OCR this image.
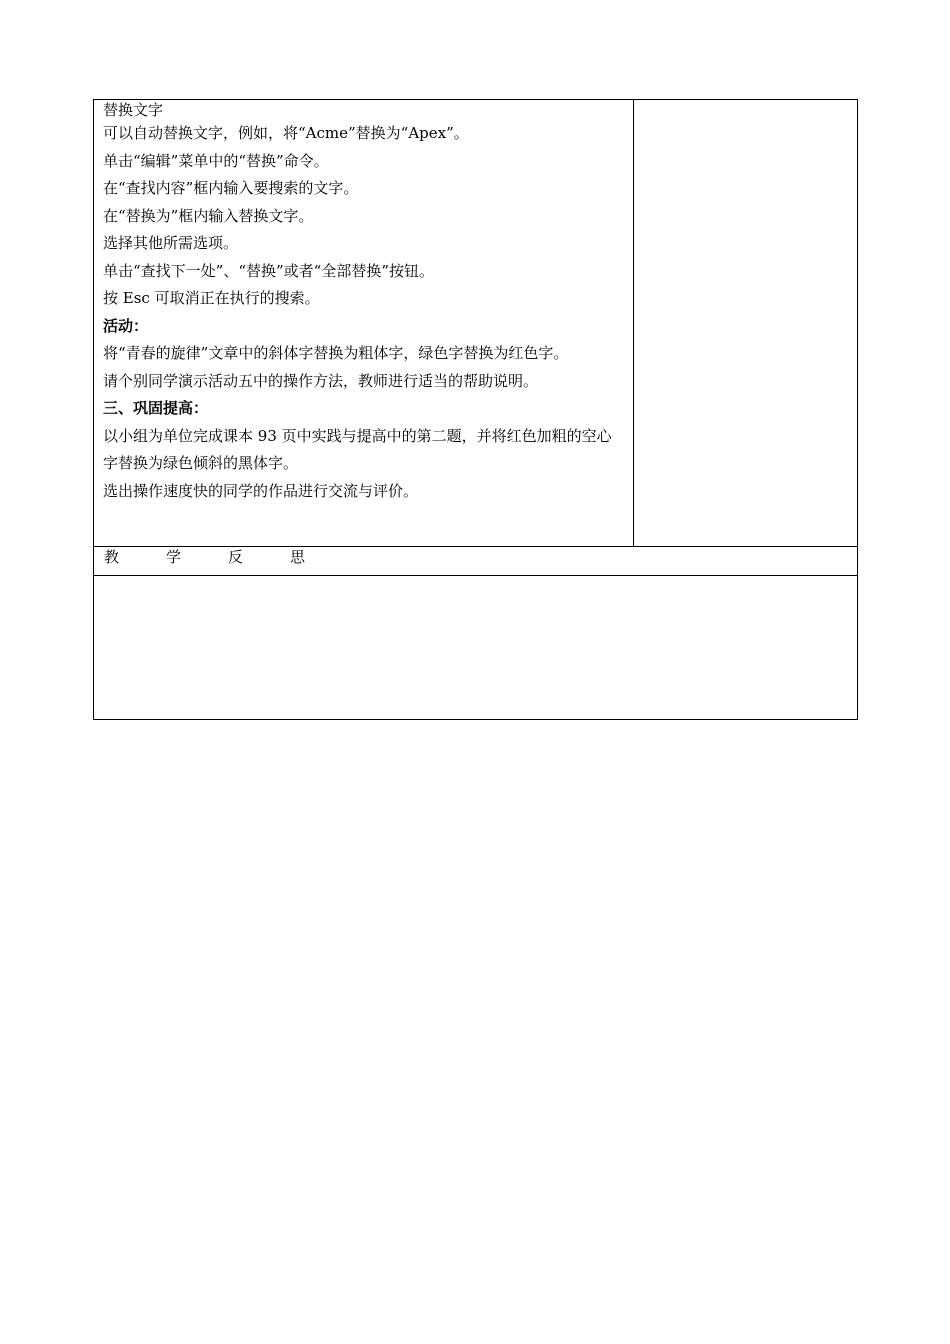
替换文字
可以自动替换文字，例如，将“Acme”替换为“Apex”。
单击“编辑”菜单中的“替换”命令。
在“查找内容”框内输入要搜索的文字。
在“替换为”框内输入替换文字。
选择其他所需选项。
单击“查找下一处”、“替换”或者“全部替换”按钮。
按 Esc 可取消正在执行的搜索。
活动：
将“青春的旋律”文章中的斜体字替换为粗体字，绿色字替换为红色字。
请个别同学演示活动五中的操作方法，教师进行适当的帮助说明。
三、巩固提高：
以小组为单位完成课本 93 页中实践与提高中的第二题，并将红色加粗的空心字替换为绿色倾斜的黑体字。
选出操作速度快的同学的作品进行交流与评价。

教	学	反	思
